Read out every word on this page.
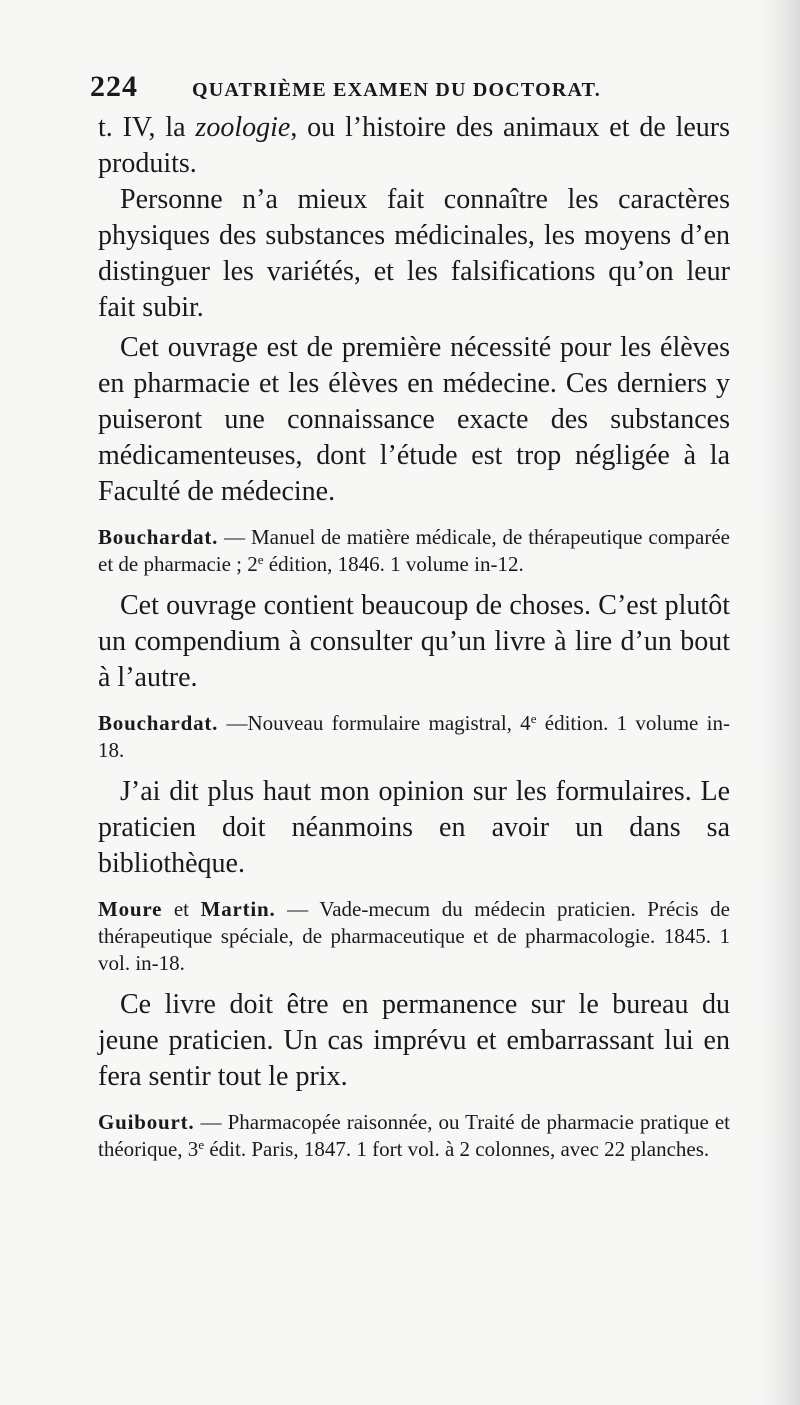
224	QUATRIÈME EXAMEN DU DOCTORAT.

t. IV, la zoologie, ou l’histoire des animaux et de leurs produits.

Personne n’a mieux fait connaître les caractères physiques des substances médicinales, les moyens d’en distinguer les variétés, et les falsifications qu’on leur fait subir.

Cet ouvrage est de première nécessité pour les élèves en pharmacie et les élèves en médecine. Ces derniers y puiseront une connaissance exacte des substances médicamenteuses, dont l’étude est trop négligée à la Faculté de médecine.

Bouchardat. — Manuel de matière médicale, de thérapeutique comparée et de pharmacie ; 2e édition, 1846. 1 volume in-12.

Cet ouvrage contient beaucoup de choses. C’est plutôt un compendium à consulter qu’un livre à lire d’un bout à l’autre.

Bouchardat. —Nouveau formulaire magistral, 4e édition. 1 volume in-18.

J’ai dit plus haut mon opinion sur les formulaires. Le praticien doit néanmoins en avoir un dans sa bibliothèque.

Moure et Martin. — Vade-mecum du médecin praticien. Précis de thérapeutique spéciale, de pharmaceutique et de pharmacologie. 1845. 1 vol. in-18.

Ce livre doit être en permanence sur le bureau du jeune praticien. Un cas imprévu et embarrassant lui en fera sentir tout le prix.

Guibourt. — Pharmacopée raisonnée, ou Traité de pharmacie pratique et théorique, 3e édit. Paris, 1847. 1 fort vol. à 2 colonnes, avec 22 planches.
